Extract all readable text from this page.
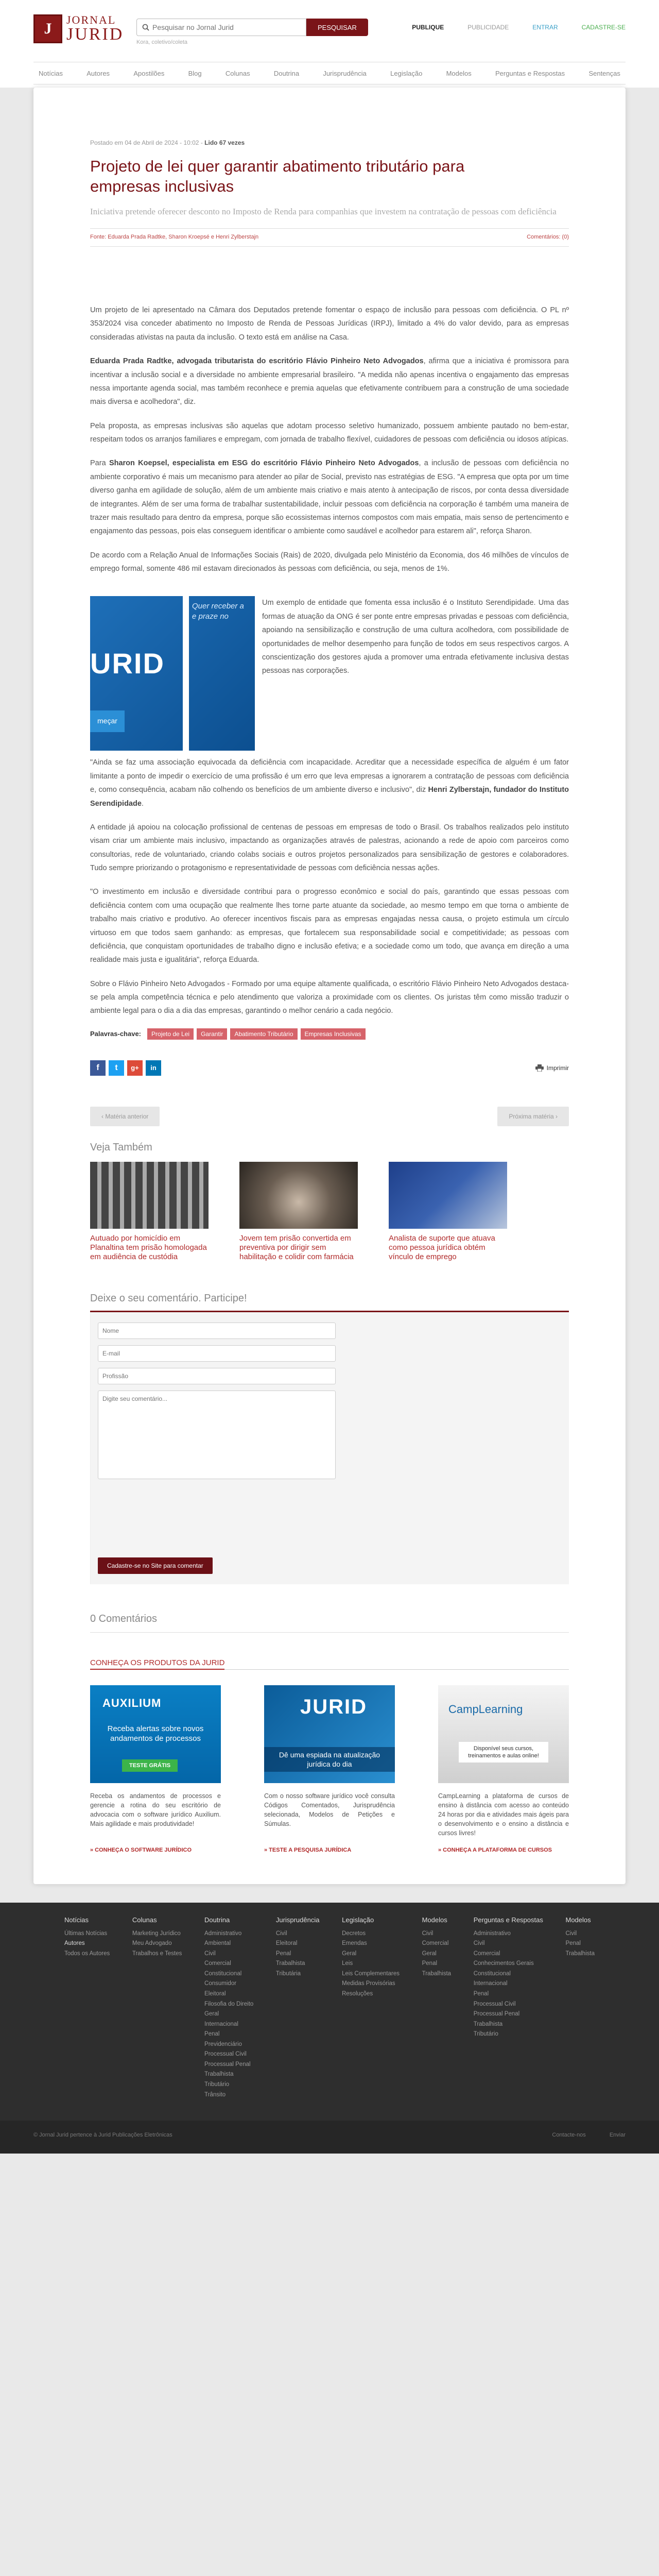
J
JORNAL
JURID
Pesquisar no Jornal Jurid	PESQUISAR
Kora, coletivo/coleta
PUBLIQUE	PUBLICIDADE	ENTRAR	CADASTRE-SE
Notícias	Autores	Apostilões	Blog	Colunas	Doutrina	Jurisprudência	Legislação	Modelos	Perguntas e Respostas	Sentenças
Postado em 04 de Abril de 2024 - 10:02 - Lido 67 vezes
Projeto de lei quer garantir abatimento tributário para empresas inclusivas
Iniciativa pretende oferecer desconto no Imposto de Renda para companhias que investem na contratação de pessoas com deficiência
Fonte: Eduarda Prada Radtke, Sharon Kroepsé e Henri Zylberstajn	Comentários: (0)

Um projeto de lei apresentado na Câmara dos Deputados pretende fomentar o espaço de inclusão para pessoas com deficiência. O PL nº 353/2024 visa conceder abatimento no Imposto de Renda de Pessoas Jurídicas (IRPJ), limitado a 4% do valor devido, para as empresas consideradas ativistas na pauta da inclusão. O texto está em análise na Casa.

Eduarda Prada Radtke, advogada tributarista do escritório Flávio Pinheiro Neto Advogados, afirma que a iniciativa é promissora para incentivar a inclusão social e a diversidade no ambiente empresarial brasileiro. "A medida não apenas incentiva o engajamento das empresas nessa importante agenda social, mas também reconhece e premia aquelas que efetivamente contribuem para a construção de uma sociedade mais diversa e acolhedora", diz.

Pela proposta, as empresas inclusivas são aquelas que adotam processo seletivo humanizado, possuem ambiente pautado no bem-estar, respeitam todos os arranjos familiares e empregam, com jornada de trabalho flexível, cuidadores de pessoas com deficiência ou idosos atípicas.

Para Sharon Koepsel, especialista em ESG do escritório Flávio Pinheiro Neto Advogados, a inclusão de pessoas com deficiência no ambiente corporativo é mais um mecanismo para atender ao pilar de Social, previsto nas estratégias de ESG. "A empresa que opta por um time diverso ganha em agilidade de solução, além de um ambiente mais criativo e mais atento à antecipação de riscos, por conta dessa diversidade de integrantes. Além de ser uma forma de trabalhar sustentabilidade, incluir pessoas com deficiência na corporação é também uma maneira de trazer mais resultado para dentro da empresa, porque são ecossistemas internos compostos com mais empatia, mais senso de pertencimento e engajamento das pessoas, pois elas conseguem identificar o ambiente como saudável e acolhedor para estarem ali", reforça Sharon.

De acordo com a Relação Anual de Informações Sociais (Rais) de 2020, divulgada pelo Ministério da Economia, dos 46 milhões de vínculos de emprego formal, somente 486 mil estavam direcionados às pessoas com deficiência, ou seja, menos de 1%.

URID
Quer receber a
e praze no
meçar

Um exemplo de entidade que fomenta essa inclusão é o Instituto Serendipidade. Uma das formas de atuação da ONG é ser ponte entre empresas privadas e pessoas com deficiência, apoiando na sensibilização e construção de uma cultura acolhedora, com possibilidade de oportunidades de melhor desempenho para função de todos em seus respectivos cargos. A conscientização dos gestores ajuda a promover uma entrada efetivamente inclusiva destas pessoas nas corporações.

"Ainda se faz uma associação equivocada da deficiência com incapacidade. Acreditar que a necessidade específica de alguém é um fator limitante a ponto de impedir o exercício de uma profissão é um erro que leva empresas a ignorarem a contratação de pessoas com deficiência e, como consequência, acabam não colhendo os benefícios de um ambiente diverso e inclusivo", diz Henri Zylberstajn, fundador do Instituto Serendipidade.

A entidade já apoiou na colocação profissional de centenas de pessoas em empresas de todo o Brasil. Os trabalhos realizados pelo instituto visam criar um ambiente mais inclusivo, impactando as organizações através de palestras, acionando a rede de apoio com parceiros como consultorias, rede de voluntariado, criando colabs sociais e outros projetos personalizados para sensibilização de gestores e colaboradores. Tudo sempre priorizando o protagonismo e representatividade de pessoas com deficiência nessas ações.

"O investimento em inclusão e diversidade contribui para o progresso econômico e social do país, garantindo que essas pessoas com deficiência contem com uma ocupação que realmente lhes torne parte atuante da sociedade, ao mesmo tempo em que torna o ambiente de trabalho mais criativo e produtivo. Ao oferecer incentivos fiscais para as empresas engajadas nessa causa, o projeto estimula um círculo virtuoso em que todos saem ganhando: as empresas, que fortalecem sua responsabilidade social e competitividade; as pessoas com deficiência, que conquistam oportunidades de trabalho digno e inclusão efetiva; e a sociedade como um todo, que avança em direção a uma realidade mais justa e igualitária", reforça Eduarda.

Sobre o Flávio Pinheiro Neto Advogados - Formado por uma equipe altamente qualificada, o escritório Flávio Pinheiro Neto Advogados destaca-se pela ampla competência técnica e pelo atendimento que valoriza a proximidade com os clientes. Os juristas têm como missão traduzir o ambiente legal para o dia a dia das empresas, garantindo o melhor cenário a cada negócio.

Palavras-chave:	Projeto de Lei	Garantir	Abatimento Tributário	Empresas Inclusivas
f	t	g+	in	Imprimir
‹ Matéria anterior	Próxima matéria ›
Veja Também
Autuado por homicídio em Planaltina tem prisão homologada em audiência de custódia
Jovem tem prisão convertida em preventiva por dirigir sem habilitação e colidir com farmácia
Analista de suporte que atuava como pessoa jurídica obtém vínculo de emprego
Deixe o seu comentário. Participe!
Nome
E-mail
Profissão
Digite seu comentário... Cadastre-se no Site para comentar
0 Comentários
CONHEÇA OS PRODUTOS DA JURID
AUXILIUM
Receba alertas sobre novos andamentos de processos
TESTE GRÁTIS
Receba os andamentos de processos e gerencie a rotina do seu escritório de advocacia com o software jurídico Auxilium. Mais agilidade e mais produtividade!
» CONHEÇA O SOFTWARE JURÍDICO
JURID
Dê uma espiada na atualização jurídica do dia
Com o nosso software jurídico você consulta Códigos Comentados, Jurisprudência selecionada, Modelos de Petições e Súmulas.
» TESTE A PESQUISA JURÍDICA
CampLearning
Disponível seus cursos, treinamentos e aulas online!
CampLearning a plataforma de cursos de ensino à distância com acesso ao conteúdo 24 horas por dia e atividades mais ágeis para o desenvolvimento e o ensino a distância e cursos livres!
» CONHEÇA A PLATAFORMA DE CURSOS
Notícias
Últimas Notícias
Autores
Todos os Autores
Colunas
Marketing Jurídico
Meu Advogado
Trabalhos e Testes
Doutrina
Administrativo
Ambiental
Civil
Comercial
Constitucional
Consumidor
Eleitoral
Filosofia do Direito
Geral
Internacional
Penal
Previdenciário
Processual Civil
Processual Penal
Trabalhista
Tributário
Trânsito
Jurisprudência
Civil
Eleitoral
Penal
Trabalhista
Tributária
Legislação
Decretos
Emendas
Geral
Leis
Leis Complementares
Medidas Provisórias
Resoluções
Modelos
Civil
Comercial
Geral
Penal
Trabalhista
Perguntas e Respostas
Administrativo
Civil
Comercial
Conhecimentos Gerais
Constitucional
Internacional
Penal
Processual Civil
Processual Penal
Trabalhista
Tributário
Modelos
Civil
Penal
Trabalhista
© Jornal Jurid pertence à Jurid Publicações Eletrônicas	Contacte-nos	Enviar
